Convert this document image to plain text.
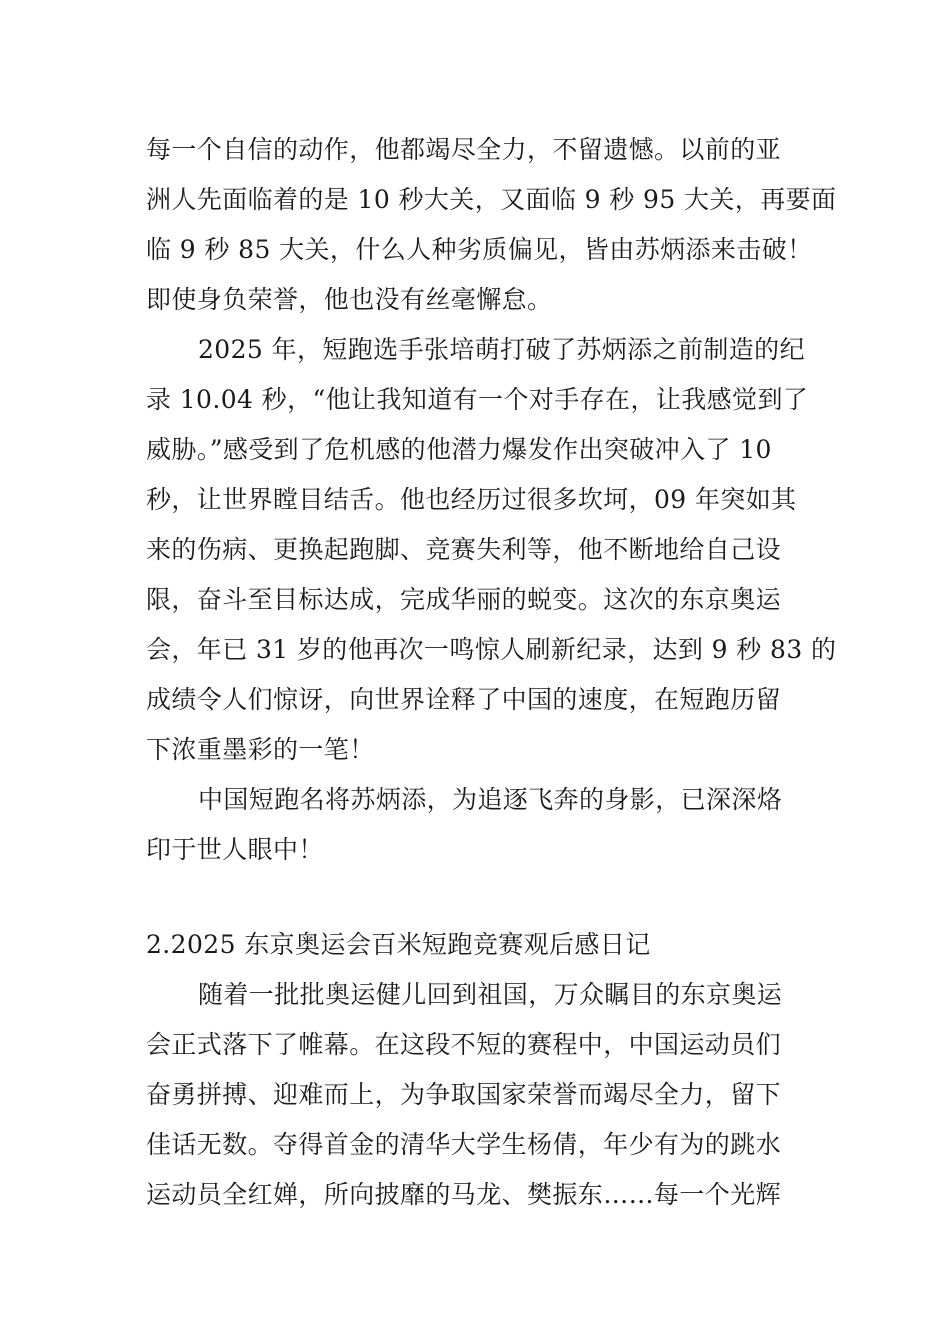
每一个自信的动作，他都竭尽全力，不留遗憾。以前的亚
洲人先面临着的是 10 秒大关，又面临 9 秒 95 大关，再要面
临 9 秒 85 大关，什么人种劣质偏见，皆由苏炳添来击破！
即使身负荣誉，他也没有丝毫懈怠。
2025 年，短跑选手张培萌打破了苏炳添之前制造的纪
录 10.04 秒，“他让我知道有一个对手存在，让我感觉到了
威胁。”感受到了危机感的他潜力爆发作出突破冲入了 10
秒，让世界瞠目结舌。他也经历过很多坎坷，09 年突如其
来的伤病、更换起跑脚、竞赛失利等，他不断地给自己设
限，奋斗至目标达成，完成华丽的蜕变。这次的东京奥运
会，年已 31 岁的他再次一鸣惊人刷新纪录，达到 9 秒 83 的
成绩令人们惊讶，向世界诠释了中国的速度，在短跑历留
下浓重墨彩的一笔！
中国短跑名将苏炳添，为追逐飞奔的身影，已深深烙
印于世人眼中！
2.2025 东京奥运会百米短跑竞赛观后感日记
随着一批批奥运健儿回到祖国，万众瞩目的东京奥运
会正式落下了帷幕。在这段不短的赛程中，中国运动员们
奋勇拼搏、迎难而上，为争取国家荣誉而竭尽全力，留下
佳话无数。夺得首金的清华大学生杨倩，年少有为的跳水
运动员全红婵，所向披靡的马龙、樊振东……每一个光辉
